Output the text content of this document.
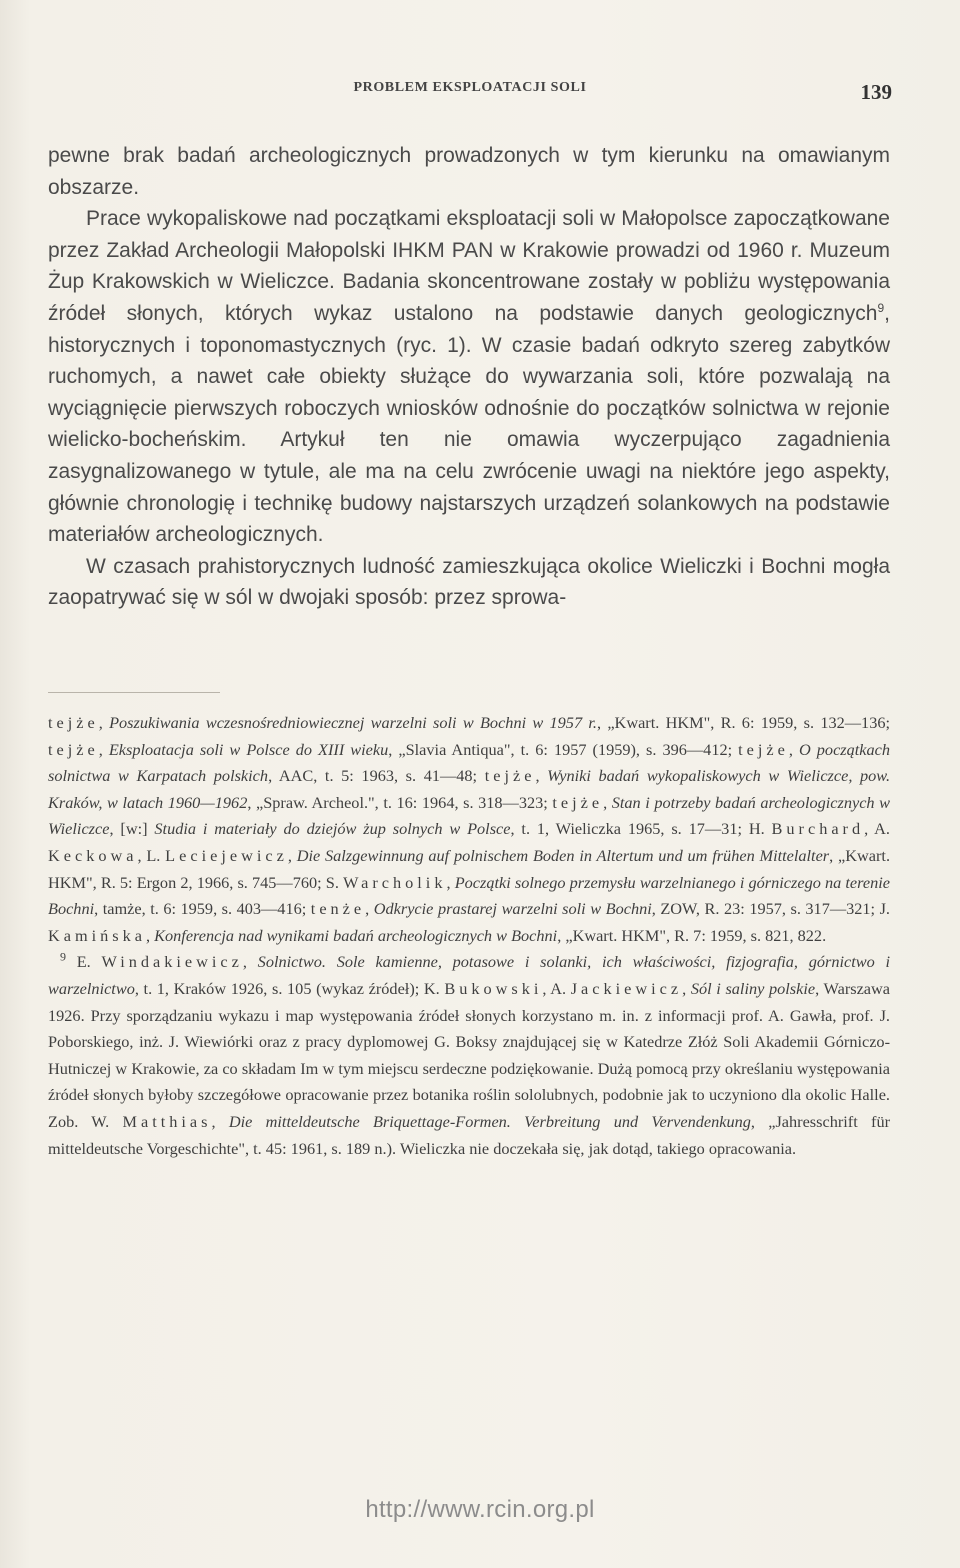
PROBLEM EKSPLOATACJI SOLI	139

pewne brak badań archeologicznych prowadzonych w tym kierunku na omawianym obszarze.

Prace wykopaliskowe nad początkami eksploatacji soli w Małopolsce zapoczątkowane przez Zakład Archeologii Małopolski IHKM PAN w Krakowie prowadzi od 1960 r. Muzeum Żup Krakowskich w Wieliczce. Badania skoncentrowane zostały w pobliżu występowania źródeł słonych, których wykaz ustalono na podstawie danych geologicznych$^9$, historycznych i toponomastycznych (ryc. 1). W czasie badań odkryto szereg zabytków ruchomych, a nawet całe obiekty służące do wywarzania soli, które pozwalają na wyciągnięcie pierwszych roboczych wniosków odnośnie do początków solnictwa w rejonie wielicko-bocheńskim. Artykuł ten nie omawia wyczerpująco zagadnienia zasygnalizowanego w tytule, ale ma na celu zwrócenie uwagi na niektóre jego aspekty, głównie chronologię i technikę budowy najstarszych urządzeń solankowych na podstawie materiałów archeologicznych.

W czasach prahistorycznych ludność zamieszkująca okolice Wieliczki i Bochni mogła zaopatrywać się w sól w dwojaki sposób: przez sprowa-

tejże, Poszukiwania wczesnośredniowiecznej warzelni soli w Bochni w 1957 r., „Kwart. HKM", R. 6: 1959, s. 132—136; tejże, Eksploatacja soli w Polsce do XIII wieku, „Slavia Antiqua", t. 6: 1957 (1959), s. 396—412; tejże, O początkach solnictwa w Karpatach polskich, AAC, t. 5: 1963, s. 41—48; tejże, Wyniki badań wykopaliskowych w Wieliczce, pow. Kraków, w latach 1960—1962, „Spraw. Archeol.", t. 16: 1964, s. 318—323; tejże, Stan i potrzeby badań archeologicznych w Wieliczce, [w:] Studia i materiały do dziejów żup solnych w Polsce, t. 1, Wieliczka 1965, s. 17—31; H. Burchard, A. Keckowa, L. Leciejewicz, Die Salzgewinnung auf polnischem Boden in Altertum und um frühen Mittelalter, „Kwart. HKM", R. 5: Ergon 2, 1966, s. 745—760; S. Warcholik, Początki solnego przemysłu warzelnianego i górniczego na terenie Bochni, tamże, t. 6: 1959, s. 403—416; tenże, Odkrycie prastarej warzelni soli w Bochni, ZOW, R. 23: 1957, s. 317—321; J. Kamińska, Konferencja nad wynikami badań archeologicznych w Bochni, „Kwart. HKM", R. 7: 1959, s. 821, 822.

$^9$ E. Windakiewicz, Solnictwo. Sole kamienne, potasowe i solanki, ich właściwości, fizjografia, górnictwo i warzelnictwo, t. 1, Kraków 1926, s. 105 (wykaz źródeł); K. Bukowski, A. Jackiewicz, Sól i saliny polskie, Warszawa 1926. Przy sporządzaniu wykazu i map występowania źródeł słonych korzystano m. in. z informacji prof. A. Gawła, prof. J. Poborskiego, inż. J. Wiewiórki oraz z pracy dyplomowej G. Boksy znajdującej się w Katedrze Złóż Soli Akademii Górniczo-Hutniczej w Krakowie, za co składam Im w tym miejscu serdeczne podziękowanie. Dużą pomocą przy określaniu występowania źródeł słonych byłoby szczegółowe opracowanie przez botanika roślin sololubnych, podobnie jak to uczyniono dla okolic Halle. Zob. W. Matthias, Die mitteldeutsche Briquettage-Formen. Verbreitung und Vervendenkung, „Jahresschrift für mitteldeutsche Vorgeschichte", t. 45: 1961, s. 189 n.). Wieliczka nie doczekała się, jak dotąd, takiego opracowania.

http://www.rcin.org.pl
